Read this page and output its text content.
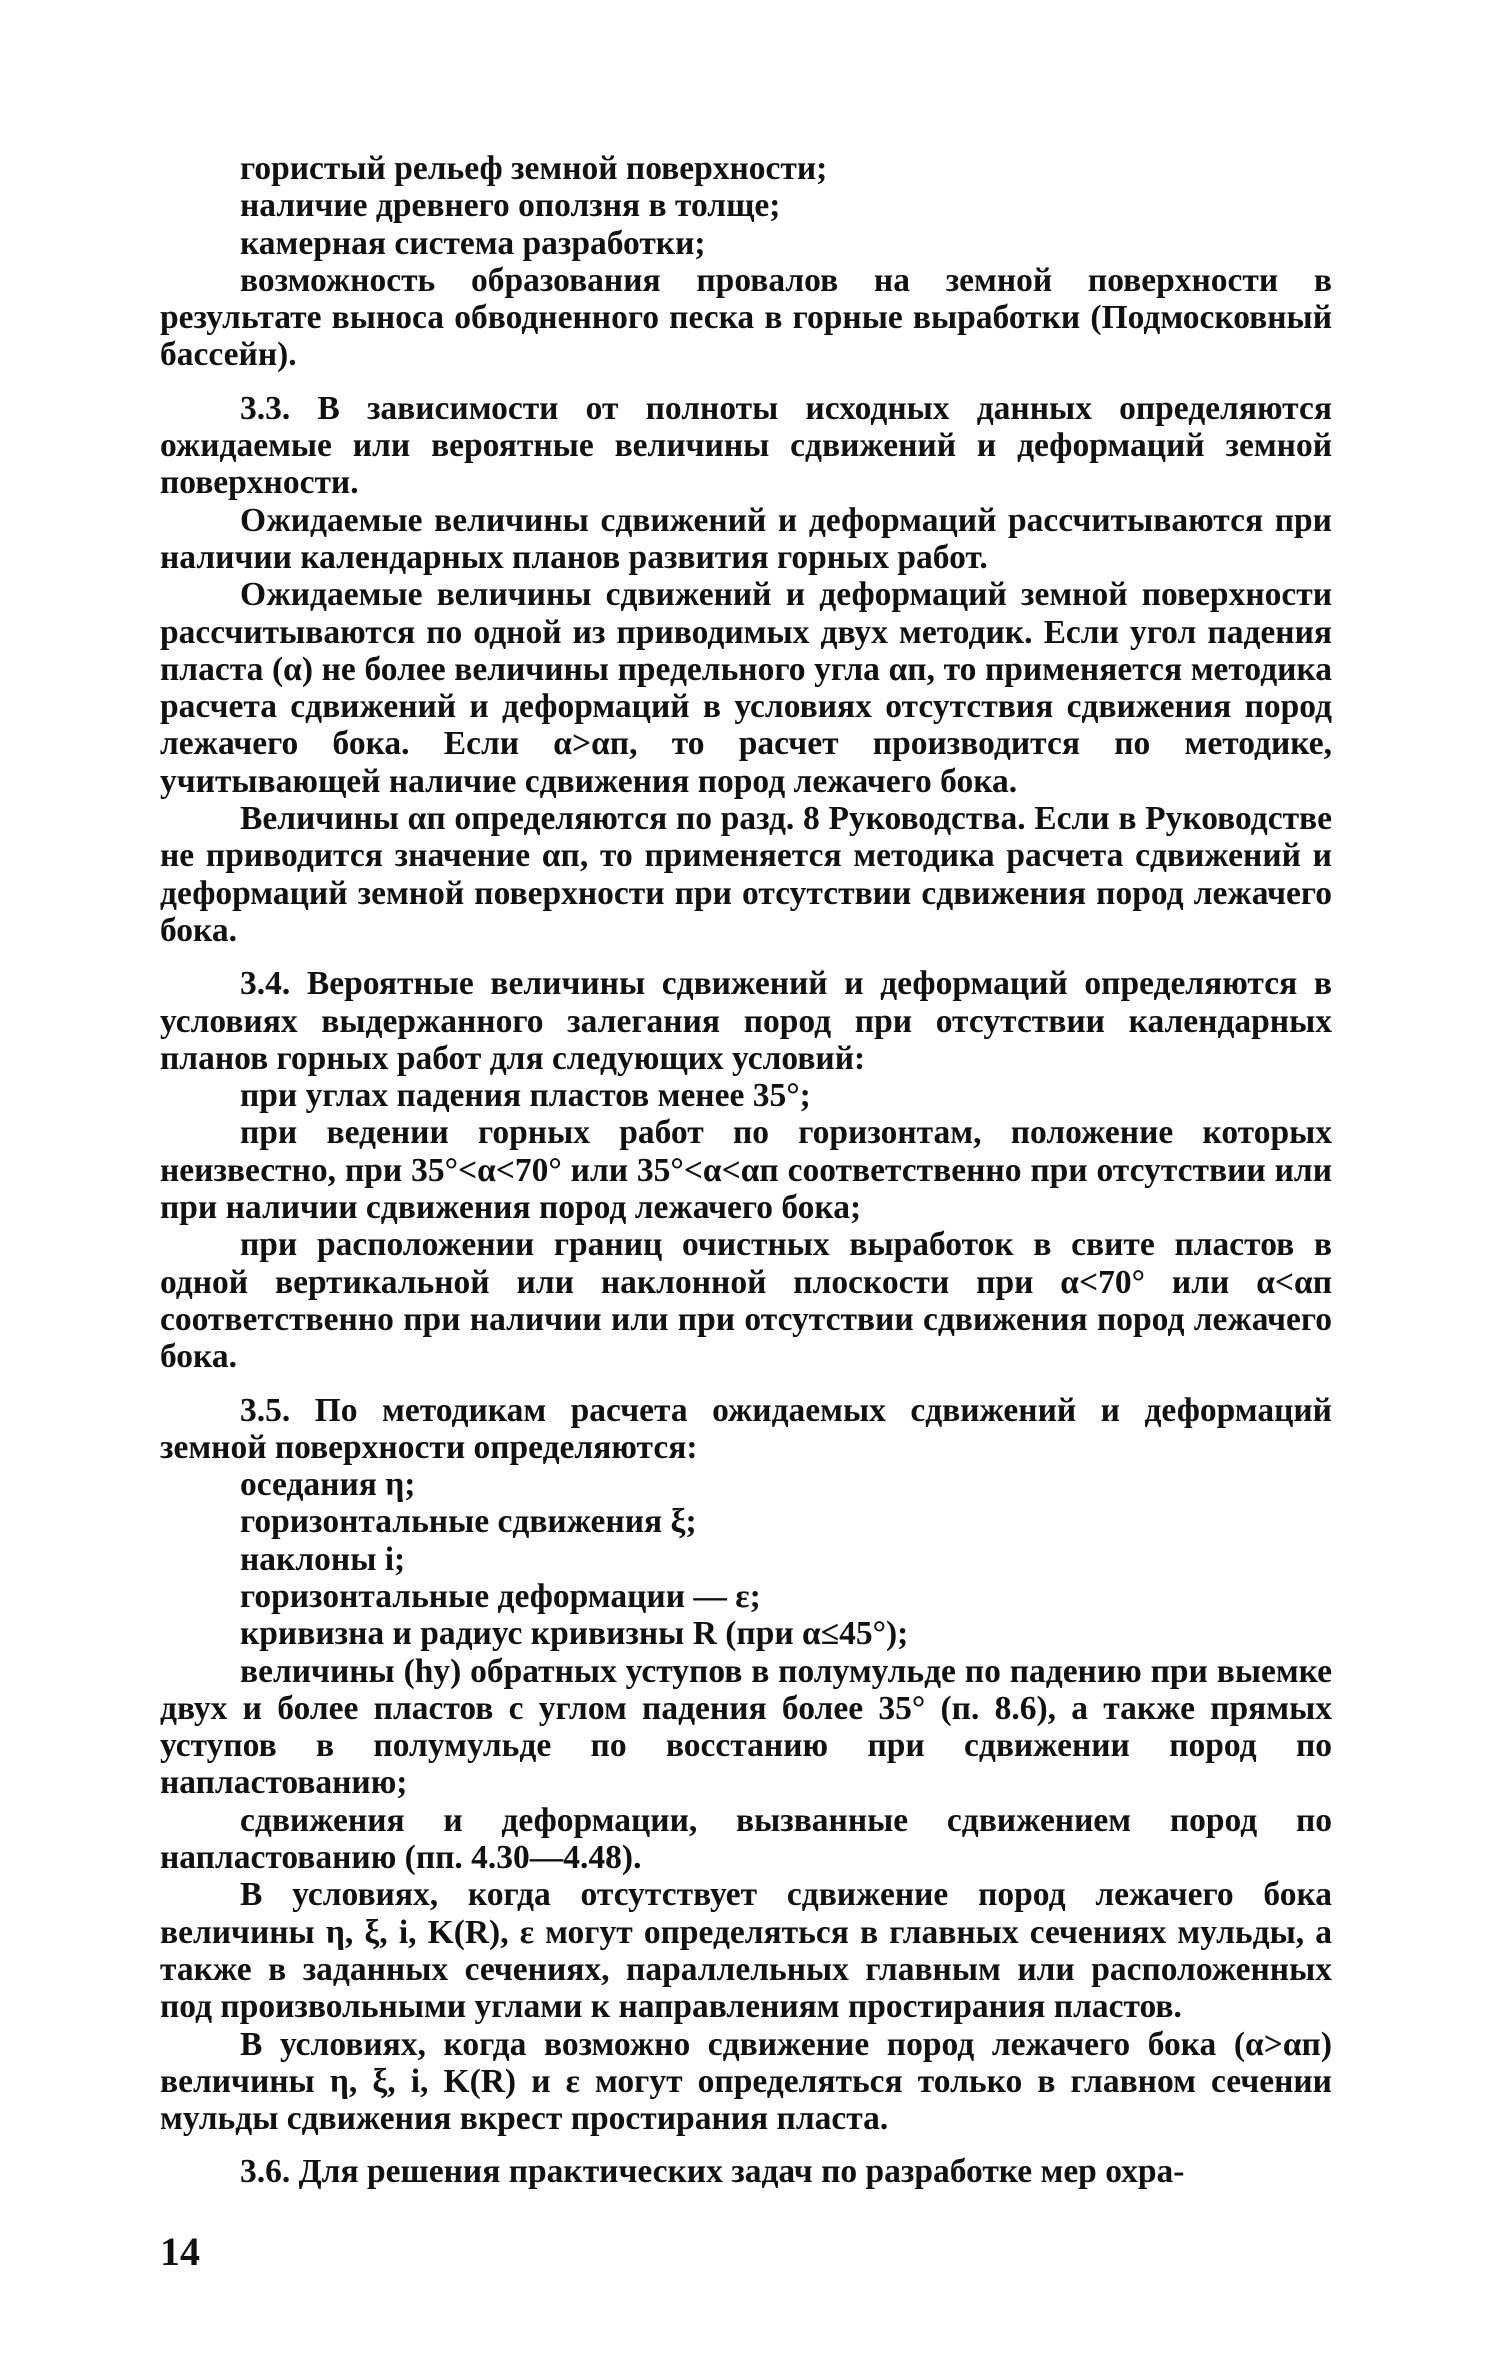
гористый рельеф земной поверхности;

наличие древнего оползня в толще;

камерная система разработки;

возможность образования провалов на земной поверхности в результате выноса обводненного песка в горные выработки (Подмосковный бассейн).

3.3. В зависимости от полноты исходных данных определяются ожидаемые или вероятные величины сдвижений и деформаций земной поверхности.

Ожидаемые величины сдвижений и деформаций рассчитываются при наличии календарных планов развития горных работ.

Ожидаемые величины сдвижений и деформаций земной поверхности рассчитываются по одной из приводимых двух методик. Если угол падения пласта (α) не более величины предельного угла αп, то применяется методика расчета сдвижений и деформаций в условиях отсутствия сдвижения пород лежачего бока. Если α>αп, то расчет производится по методике, учитывающей наличие сдвижения пород лежачего бока.

Величины αп определяются по разд. 8 Руководства. Если в Руководстве не приводится значение αп, то применяется методика расчета сдвижений и деформаций земной поверхности при отсутствии сдвижения пород лежачего бока.

3.4. Вероятные величины сдвижений и деформаций определяются в условиях выдержанного залегания пород при отсутствии календарных планов горных работ для следующих условий:

при углах падения пластов менее 35°;

при ведении горных работ по горизонтам, положение которых неизвестно, при 35°<α<70° или 35°<α<αп соответственно при отсутствии или при наличии сдвижения пород лежачего бока;

при расположении границ очистных выработок в свите пластов в одной вертикальной или наклонной плоскости при α<70° или α<αп соответственно при наличии или при отсутствии сдвижения пород лежачего бока.

3.5. По методикам расчета ожидаемых сдвижений и деформаций земной поверхности определяются:

оседания η;

горизонтальные сдвижения ξ;

наклоны i;

горизонтальные деформации — ε;

кривизна и радиус кривизны R (при α≤45°);

величины (hу) обратных уступов в полумульде по падению при выемке двух и более пластов с углом падения более 35° (п. 8.6), а также прямых уступов в полумульде по восстанию при сдвижении пород по напластованию;

сдвижения и деформации, вызванные сдвижением пород по напластованию (пп. 4.30—4.48).

В условиях, когда отсутствует сдвижение пород лежачего бока величины η, ξ, i, K(R), ε могут определяться в главных сечениях мульды, а также в заданных сечениях, параллельных главным или расположенных под произвольными углами к направлениям простирания пластов.

В условиях, когда возможно сдвижение пород лежачего бока (α>αп) величины η, ξ, i, K(R) и ε могут определяться только в главном сечении мульды сдвижения вкрест простирания пласта.

3.6. Для решения практических задач по разработке мер охра-

14
